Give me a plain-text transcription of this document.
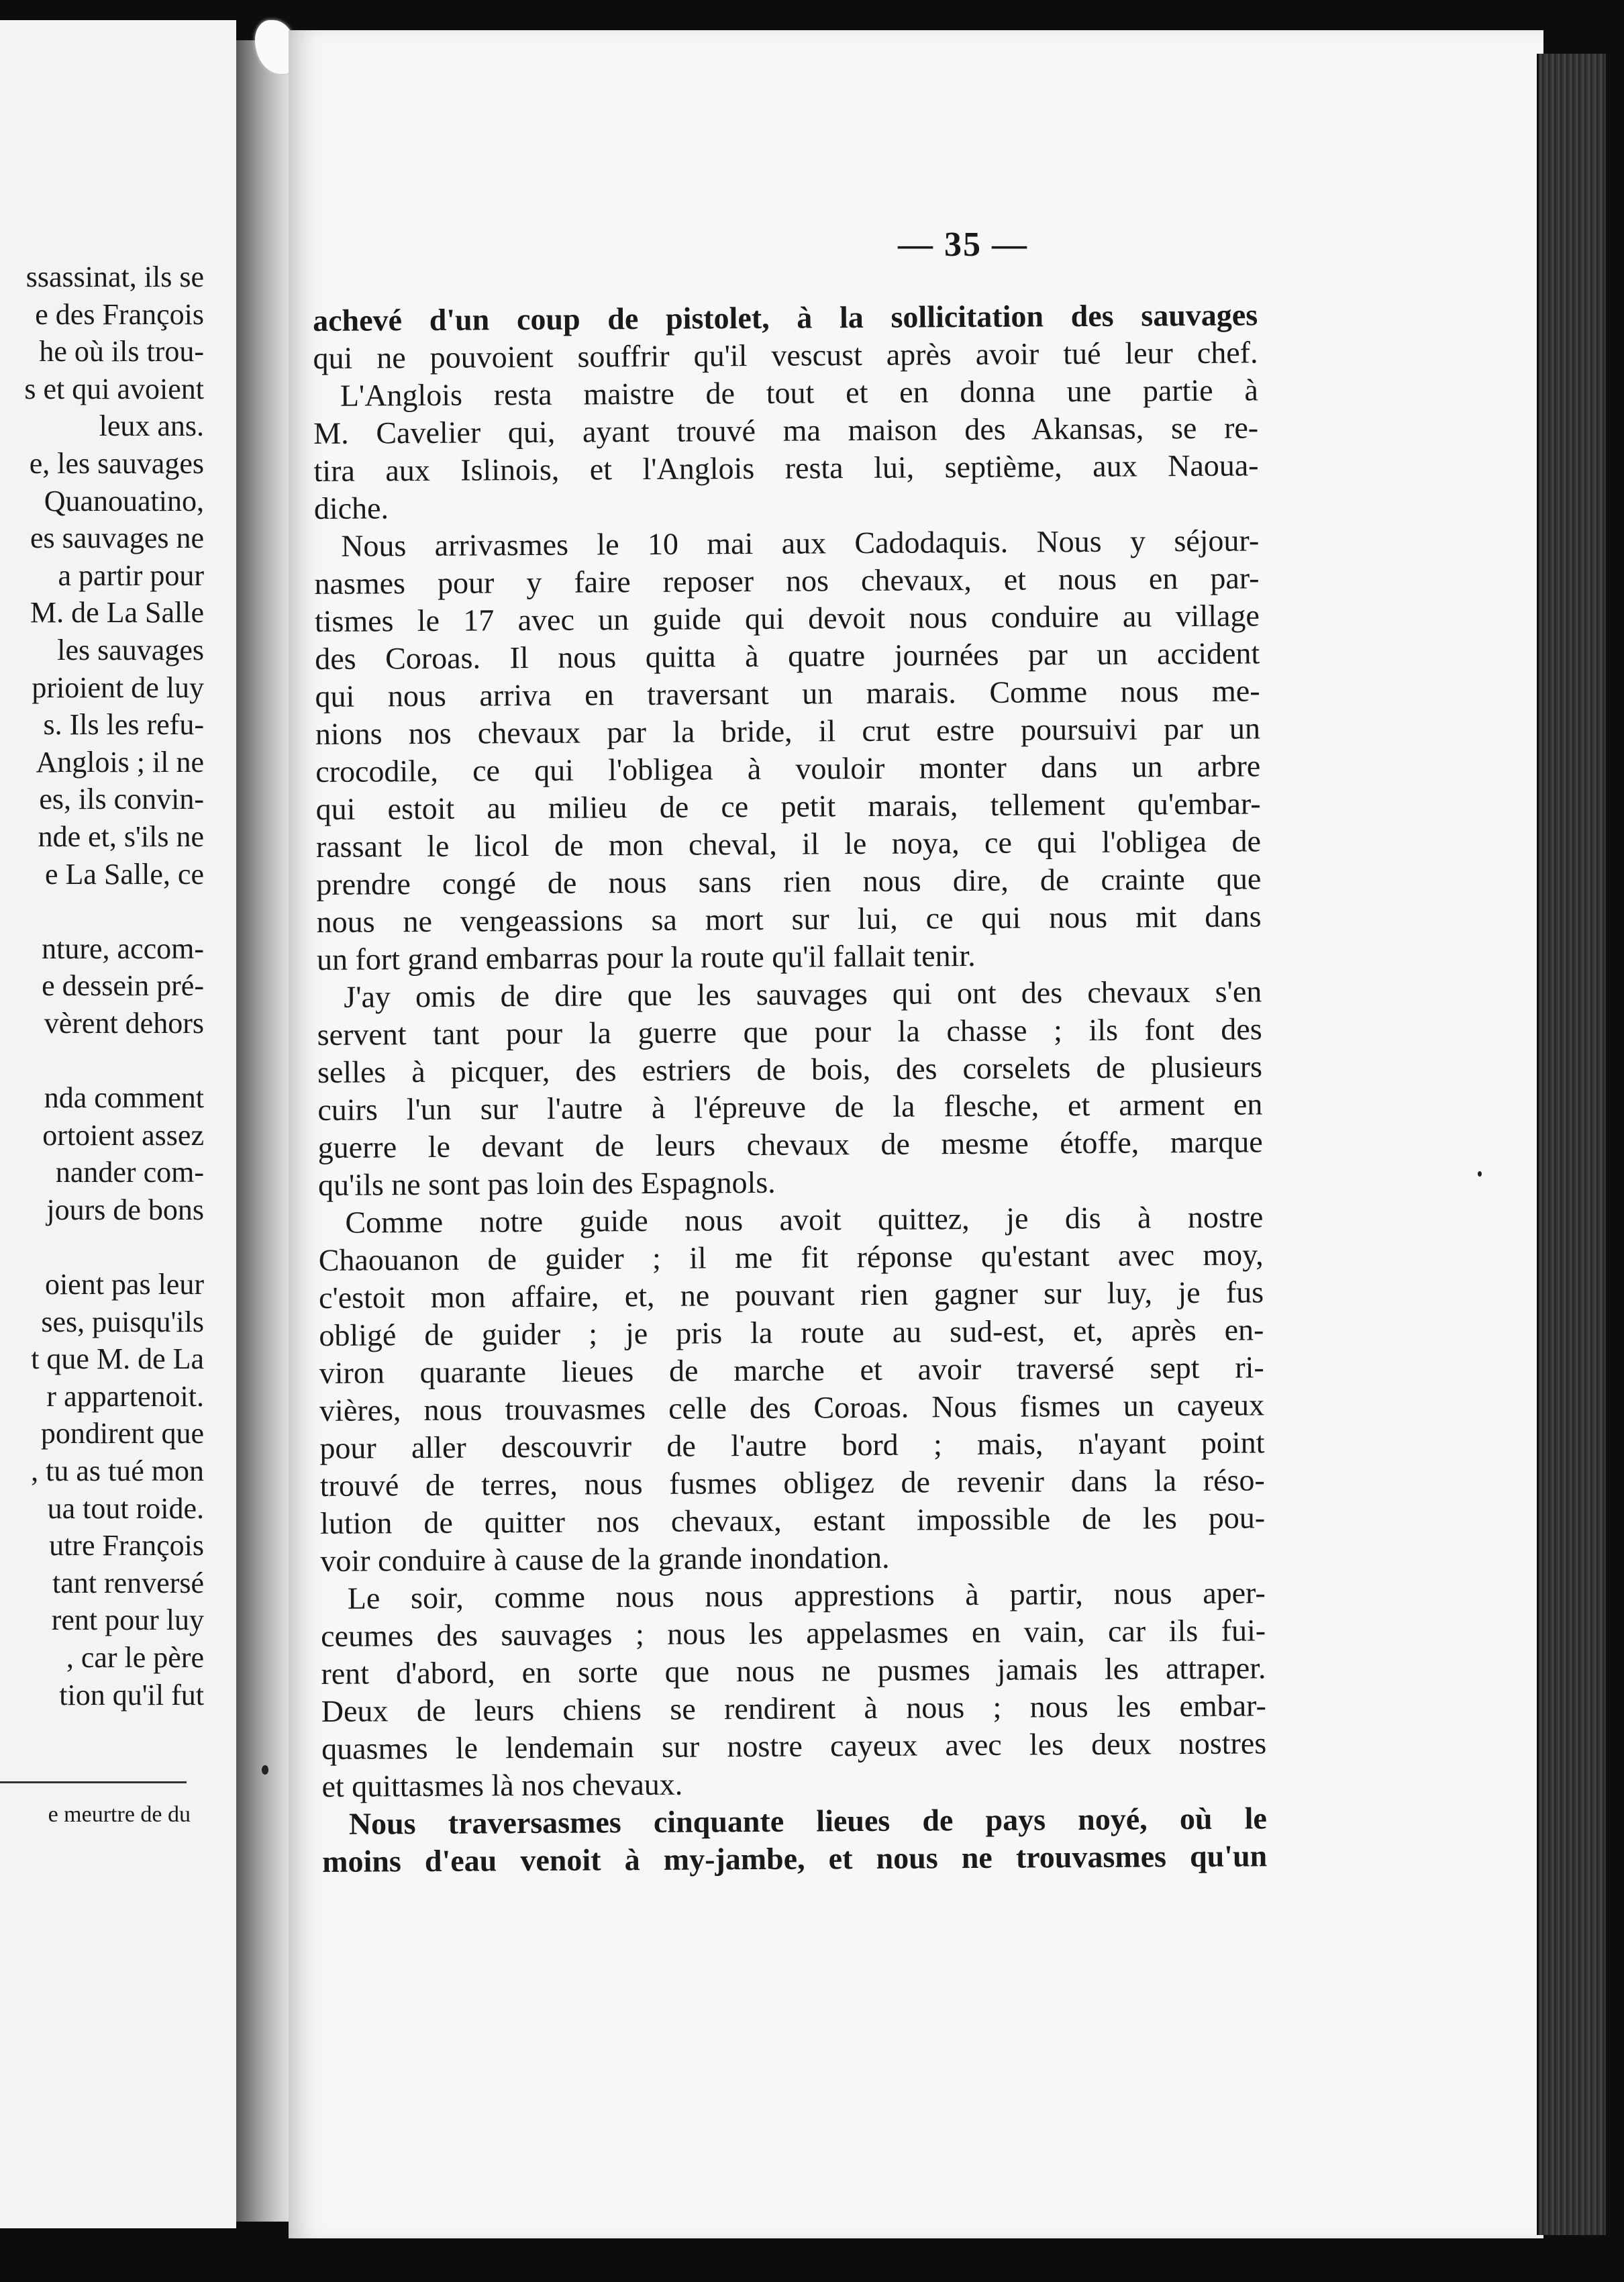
ssassinat, ils se
e des François
he où ils trou-
s et qui avoient
leux ans.
e, les sauvages
Quanouatino,
es sauvages ne
a partir pour
M. de La Salle
les sauvages
prioient de luy
s. Ils les refu-
Anglois ; il ne
es, ils convin-
nde et, s'ils ne
e La Salle, ce

nture, accom-
e dessein pré-
vèrent dehors

nda comment
ortoient assez
nander com-
jours de bons

oient pas leur
ses, puisqu'ils
t que M. de La
r appartenoit.
pondirent que
, tu as tué mon
ua tout roide.
utre François
tant renversé
rent pour luy
, car le père
tion qu'il fut
e meurtre de du
— 35 —
achevé d'un coup de pistolet, à la sollicitation des sauvages
qui ne pouvoient souffrir qu'il vescust après avoir tué leur chef.
L'Anglois resta maistre de tout et en donna une partie à
M. Cavelier qui, ayant trouvé ma maison des Akansas, se re-
tira aux Islinois, et l'Anglois resta lui, septième, aux Naoua-
diche.
Nous arrivasmes le 10 mai aux Cadodaquis. Nous y séjour-
nasmes pour y faire reposer nos chevaux, et nous en par-
tismes le 17 avec un guide qui devoit nous conduire au village
des Coroas. Il nous quitta à quatre journées par un accident
qui nous arriva en traversant un marais. Comme nous me-
nions nos chevaux par la bride, il crut estre poursuivi par un
crocodile, ce qui l'obligea à vouloir monter dans un arbre
qui estoit au milieu de ce petit marais, tellement qu'embar-
rassant le licol de mon cheval, il le noya, ce qui l'obligea de
prendre congé de nous sans rien nous dire, de crainte que
nous ne vengeassions sa mort sur lui, ce qui nous mit dans
un fort grand embarras pour la route qu'il fallait tenir.
J'ay omis de dire que les sauvages qui ont des chevaux s'en
servent tant pour la guerre que pour la chasse ; ils font des
selles à picquer, des estriers de bois, des corselets de plusieurs
cuirs l'un sur l'autre à l'épreuve de la flesche, et arment en
guerre le devant de leurs chevaux de mesme étoffe, marque
qu'ils ne sont pas loin des Espagnols.
Comme notre guide nous avoit quittez, je dis à nostre
Chaouanon de guider ; il me fit réponse qu'estant avec moy,
c'estoit mon affaire, et, ne pouvant rien gagner sur luy, je fus
obligé de guider ; je pris la route au sud-est, et, après en-
viron quarante lieues de marche et avoir traversé sept ri-
vières, nous trouvasmes celle des Coroas. Nous fismes un cayeux
pour aller descouvrir de l'autre bord ; mais, n'ayant point
trouvé de terres, nous fusmes obligez de revenir dans la réso-
lution de quitter nos chevaux, estant impossible de les pou-
voir conduire à cause de la grande inondation.
Le soir, comme nous nous apprestions à partir, nous aper-
ceumes des sauvages ; nous les appelasmes en vain, car ils fui-
rent d'abord, en sorte que nous ne pusmes jamais les attraper.
Deux de leurs chiens se rendirent à nous ; nous les embar-
quasmes le lendemain sur nostre cayeux avec les deux nostres
et quittasmes là nos chevaux.
Nous traversasmes cinquante lieues de pays noyé, où le
moins d'eau venoit à my-jambe, et nous ne trouvasmes qu'un
